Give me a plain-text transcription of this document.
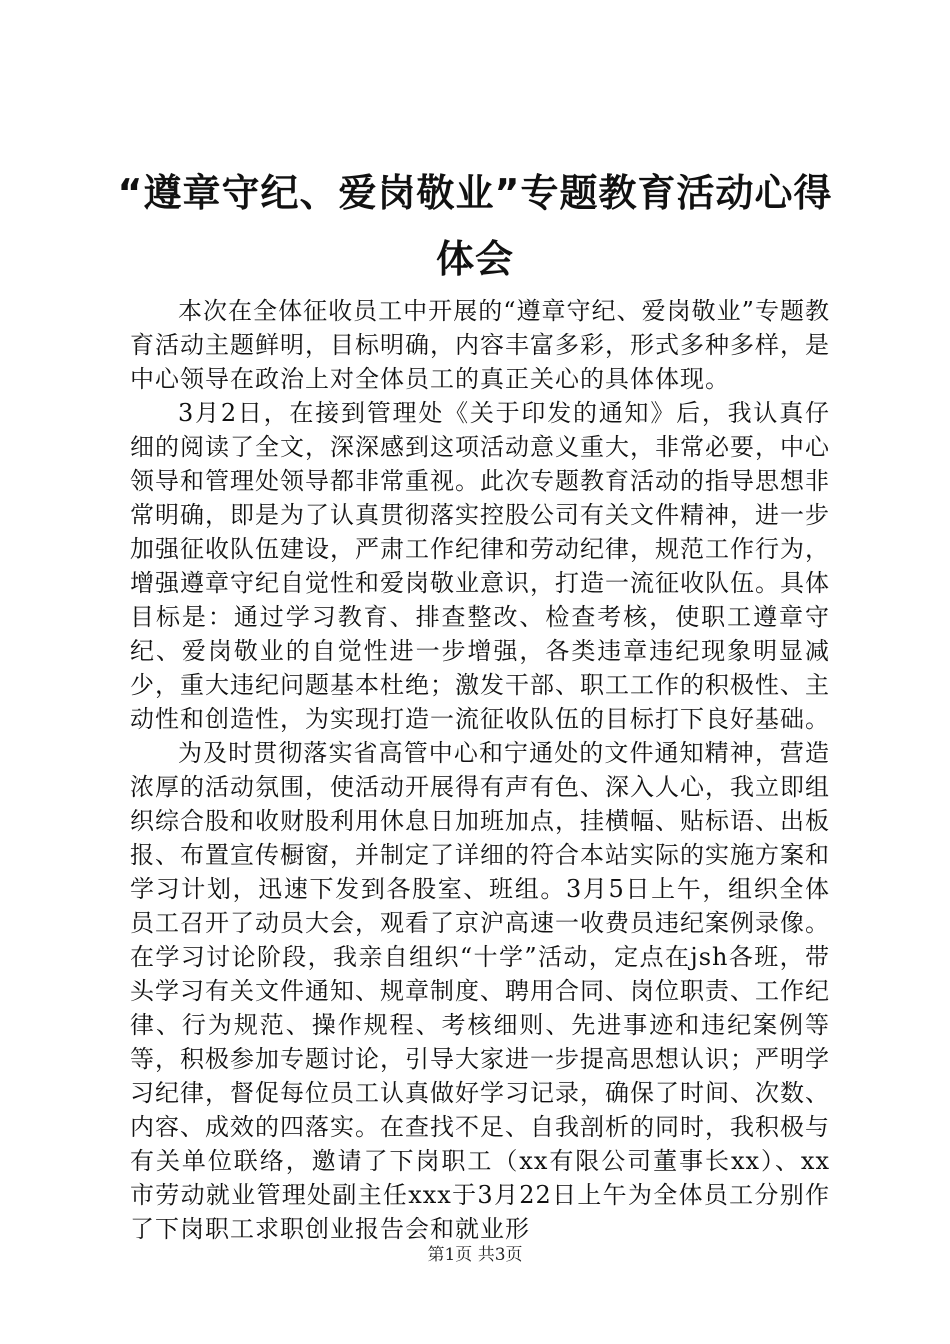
“遵章守纪、爱岗敬业”专题教育活动心得体会

本次在全体征收员工中开展的“遵章守纪、爱岗敬业”专题教育活动主题鲜明，目标明确，内容丰富多彩，形式多种多样，是中心领导在政治上对全体员工的真正关心的具体体现。

3月2日，在接到管理处《关于印发的通知》后，我认真仔细的阅读了全文，深深感到这项活动意义重大，非常必要，中心领导和管理处领导都非常重视。此次专题教育活动的指导思想非常明确，即是为了认真贯彻落实控股公司有关文件精神，进一步加强征收队伍建设，严肃工作纪律和劳动纪律，规范工作行为，增强遵章守纪自觉性和爱岗敬业意识，打造一流征收队伍。具体目标是：通过学习教育、排查整改、检查考核，使职工遵章守纪、爱岗敬业的自觉性进一步增强，各类违章违纪现象明显减少，重大违纪问题基本杜绝；激发干部、职工工作的积极性、主动性和创造性，为实现打造一流征收队伍的目标打下良好基础。

为及时贯彻落实省高管中心和宁通处的文件通知精神，营造浓厚的活动氛围，使活动开展得有声有色、深入人心，我立即组织综合股和收财股利用休息日加班加点，挂横幅、贴标语、出板报、布置宣传橱窗，并制定了详细的符合本站实际的实施方案和学习计划，迅速下发到各股室、班组。3月5日上午，组织全体员工召开了动员大会，观看了京沪高速一收费员违纪案例录像。在学习讨论阶段，我亲自组织“十学”活动，定点在jsh各班，带头学习有关文件通知、规章制度、聘用合同、岗位职责、工作纪律、行为规范、操作规程、考核细则、先进事迹和违纪案例等等，积极参加专题讨论，引导大家进一步提高思想认识；严明学习纪律，督促每位员工认真做好学习记录，确保了时间、次数、内容、成效的四落实。在查找不足、自我剖析的同时，我积极与有关单位联络，邀请了下岗职工（xx有限公司董事长xx）、xx市劳动就业管理处副主任xxx于3月22日上午为全体员工分别作了下岗职工求职创业报告会和就业形

第1页 共3页
